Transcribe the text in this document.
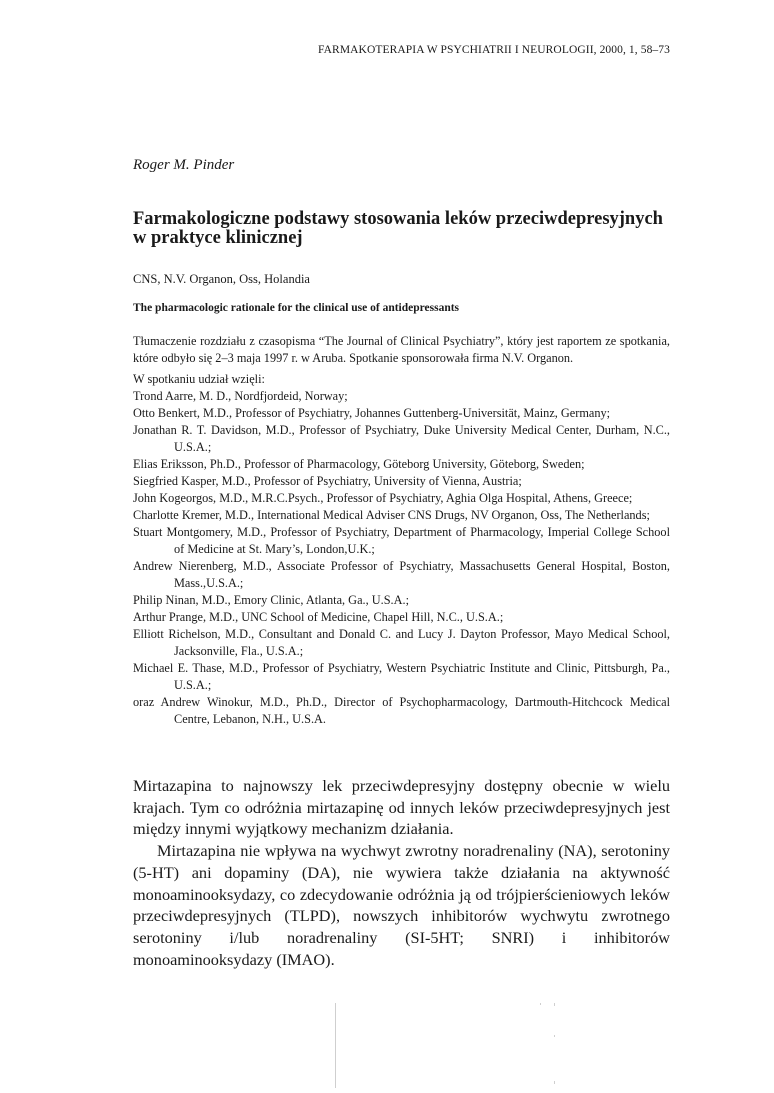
FARMAKOTERAPIA W PSYCHIATRII I NEUROLOGII, 2000, 1, 58–73
Roger M. Pinder
Farmakologiczne podstawy stosowania leków przeciwdepresyjnych w praktyce klinicznej
CNS, N.V. Organon, Oss, Holandia
The pharmacologic rationale for the clinical use of antidepressants

Tłumaczenie rozdziału z czasopisma “The Journal of Clinical Psychiatry”, który jest raportem ze spotkania, które odbyło się 2–3 maja 1997 r. w Aruba. Spotkanie sponsorowała firma N.V. Organon.

W spotkaniu udział wzięli:

Trond Aarre, M. D., Nordfjordeid, Norway;

Otto Benkert, M.D., Professor of Psychiatry, Johannes Guttenberg-Universität, Mainz, Germany;

Jonathan R. T. Davidson, M.D., Professor of Psychiatry, Duke University Medical Center, Durham, N.C., U.S.A.;

Elias Eriksson, Ph.D., Professor of Pharmacology, Göteborg University, Göteborg, Sweden;

Siegfried Kasper, M.D., Professor of Psychiatry, University of Vienna, Austria;

John Kogeorgos, M.D., M.R.C.Psych., Professor of Psychiatry, Aghia Olga Hospital, Athens, Greece;

Charlotte Kremer, M.D., International Medical Adviser CNS Drugs, NV Organon, Oss, The Netherlands;

Stuart Montgomery, M.D., Professor of Psychiatry, Department of Pharmacology, Imperial College School of Medicine at St. Mary’s, London,U.K.;

Andrew Nierenberg, M.D., Associate Professor of Psychiatry, Massachusetts General Hospital, Boston, Mass.,U.S.A.;

Philip Ninan, M.D., Emory Clinic, Atlanta, Ga., U.S.A.;

Arthur Prange, M.D., UNC School of Medicine, Chapel Hill, N.C., U.S.A.;

Elliott Richelson, M.D., Consultant and Donald C. and Lucy J. Dayton Professor, Mayo Medical School, Jacksonville, Fla., U.S.A.;

Michael E. Thase, M.D., Professor of Psychiatry, Western Psychiatric Institute and Clinic, Pittsburgh, Pa., U.S.A.;

oraz Andrew Winokur, M.D., Ph.D., Director of Psychopharmacology, Dartmouth-Hitchcock Medical Centre, Lebanon, N.H., U.S.A.

Mirtazapina to najnowszy lek przeciwdepresyjny dostępny obecnie w wielu krajach. Tym co odróżnia mirtazapinę od innych leków przeciwdepresyjnych jest między innymi wyjątkowy mechanizm działania.

Mirtazapina nie wpływa na wychwyt zwrotny noradrenaliny (NA), serotoniny (5-HT) ani dopaminy (DA), nie wywiera także działania na aktywność monoaminooksydazy, co zdecydowanie odróżnia ją od trójpierścieniowych leków przeciwdepresyjnych (TLPD), nowszych inhibitorów wychwytu zwrotnego serotoniny i/lub noradrenaliny (SI-5HT; SNRI) i inhibitorów monoaminooksydazy (IMAO).
